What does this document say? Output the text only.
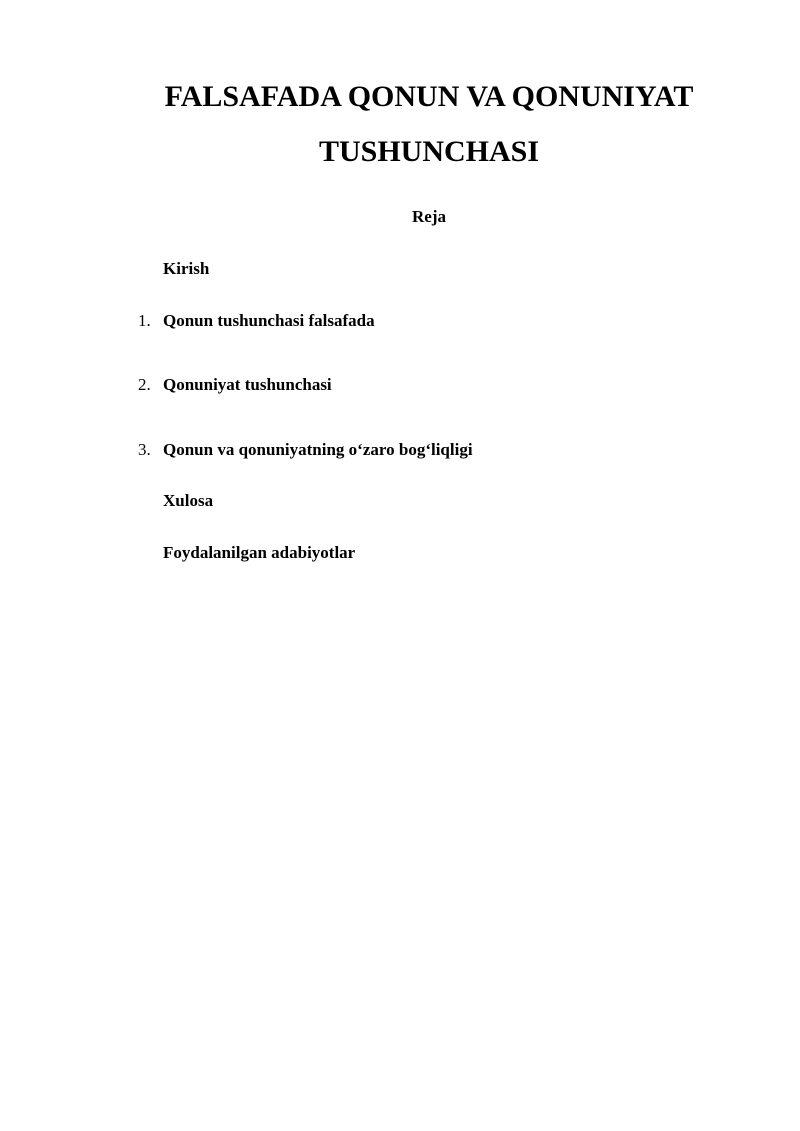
FALSAFADA QONUN VA QONUNIYAT
TUSHUNCHASI

Reja

Kirish
1. Qonun tushunchasi falsafada
2. Qonuniyat tushunchasi
3. Qonun va qonuniyatning o‘zaro bog‘liqligi
Xulosa
Foydalanilgan adabiyotlar
